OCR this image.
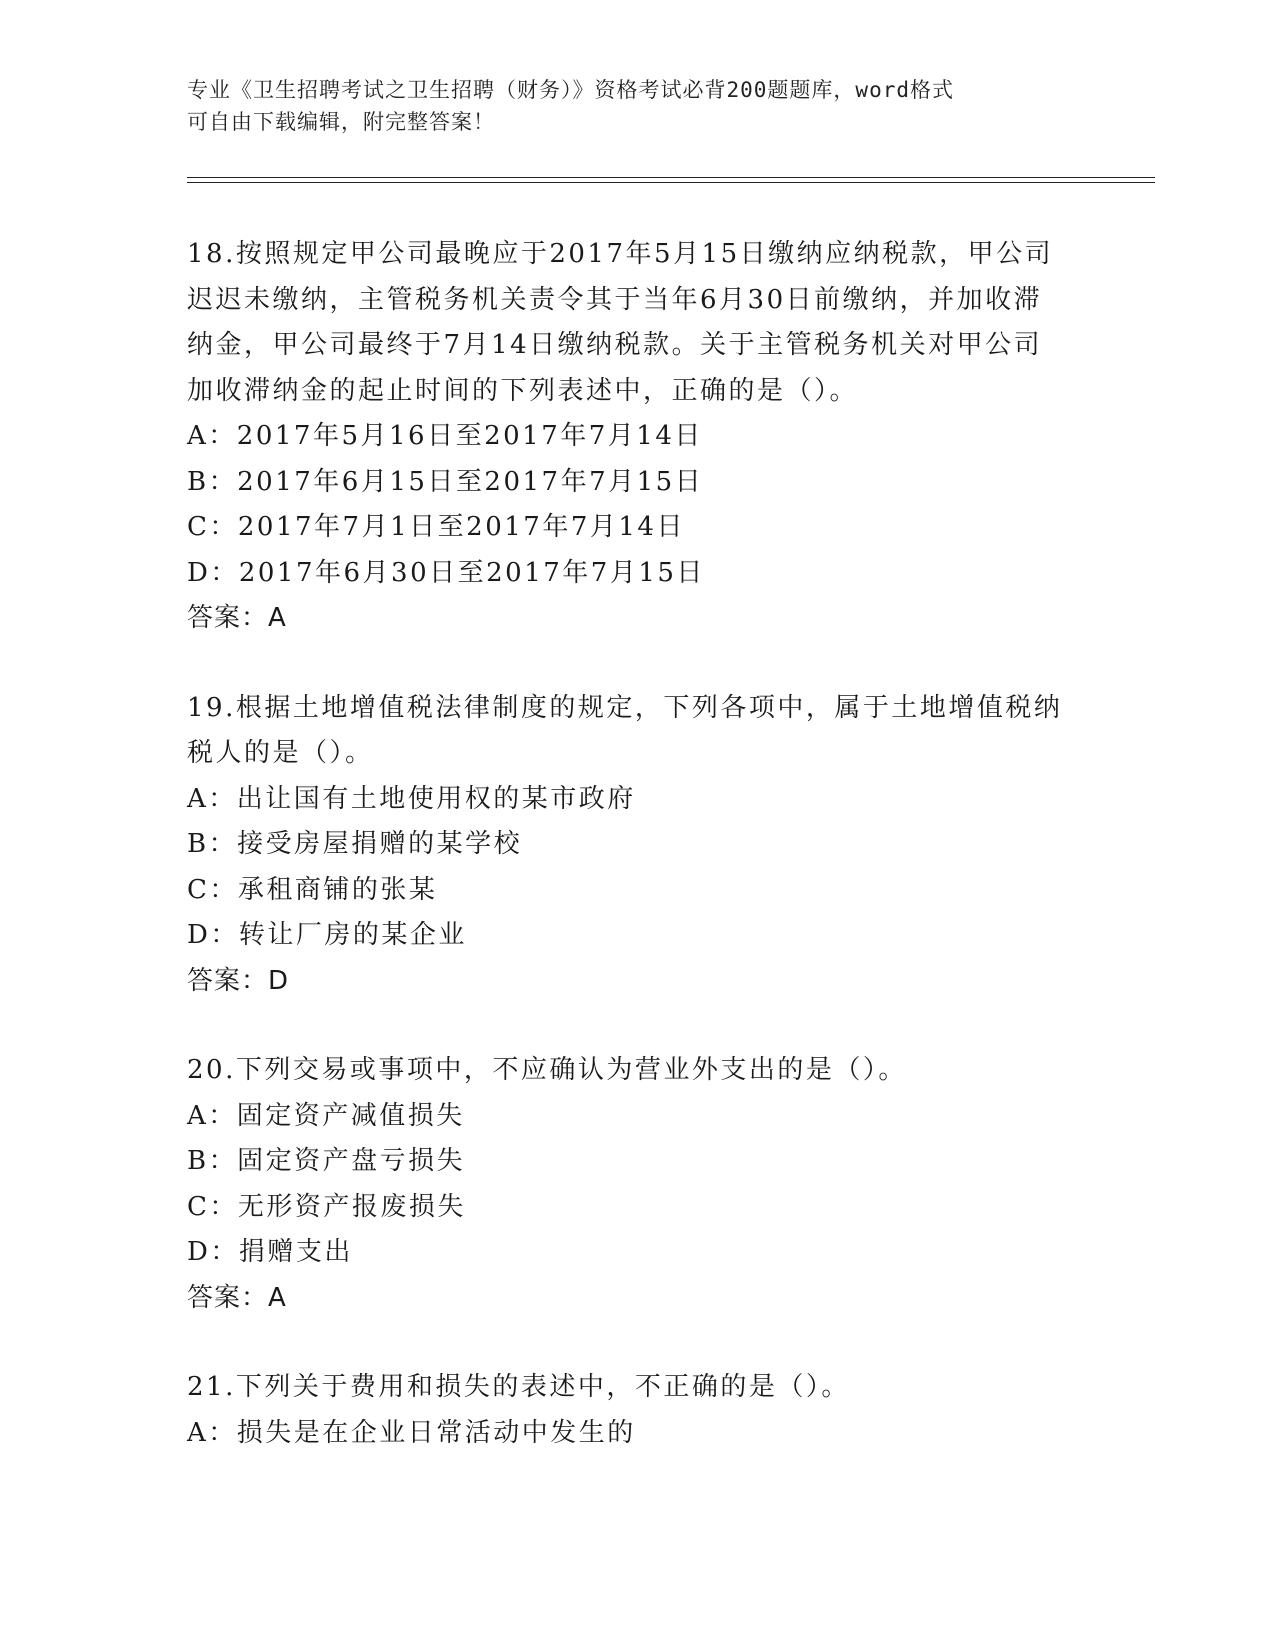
专业《卫生招聘考试之卫生招聘（财务）》资格考试必背200题题库，word格式
可自由下载编辑，附完整答案！
18.按照规定甲公司最晚应于2017年5月15日缴纳应纳税款，甲公司
迟迟未缴纳，主管税务机关责令其于当年6月30日前缴纳，并加收滞
纳金，甲公司最终于7月14日缴纳税款。关于主管税务机关对甲公司
加收滞纳金的起止时间的下列表述中，正确的是（）。
A：2017年5月16日至2017年7月14日
B：2017年6月15日至2017年7月15日
C：2017年7月1日至2017年7月14日
D：2017年6月30日至2017年7月15日
答案：A
19.根据土地增值税法律制度的规定，下列各项中，属于土地增值税纳
税人的是（）。
A：出让国有土地使用权的某市政府
B：接受房屋捐赠的某学校
C：承租商铺的张某
D：转让厂房的某企业
答案：D
20.下列交易或事项中，不应确认为营业外支出的是（）。
A：固定资产减值损失
B：固定资产盘亏损失
C：无形资产报废损失
D：捐赠支出
答案：A
21.下列关于费用和损失的表述中，不正确的是（）。
A：损失是在企业日常活动中发生的
